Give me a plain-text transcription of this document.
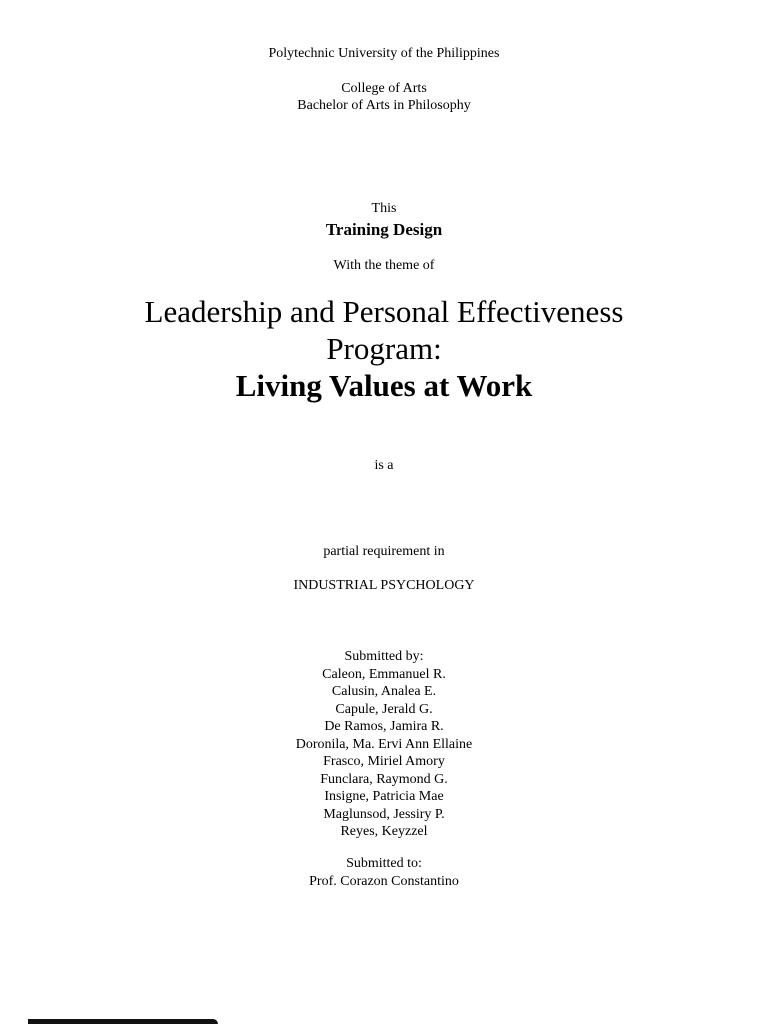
Polytechnic University of the Philippines
College of Arts
Bachelor of Arts in Philosophy
This
Training Design
With the theme of
Leadership and Personal Effectiveness
Program:
Living Values at Work
is a
partial requirement in
INDUSTRIAL PSYCHOLOGY
Submitted by:
Caleon, Emmanuel R.
Calusin, Analea E.
Capule, Jerald G.
De Ramos, Jamira R.
Doronila, Ma. Ervi Ann Ellaine
Frasco, Miriel Amory
Funclara, Raymond G.
Insigne, Patricia Mae
Maglunsod, Jessiry P.
Reyes, Keyzzel
Submitted to:
Prof. Corazon Constantino
